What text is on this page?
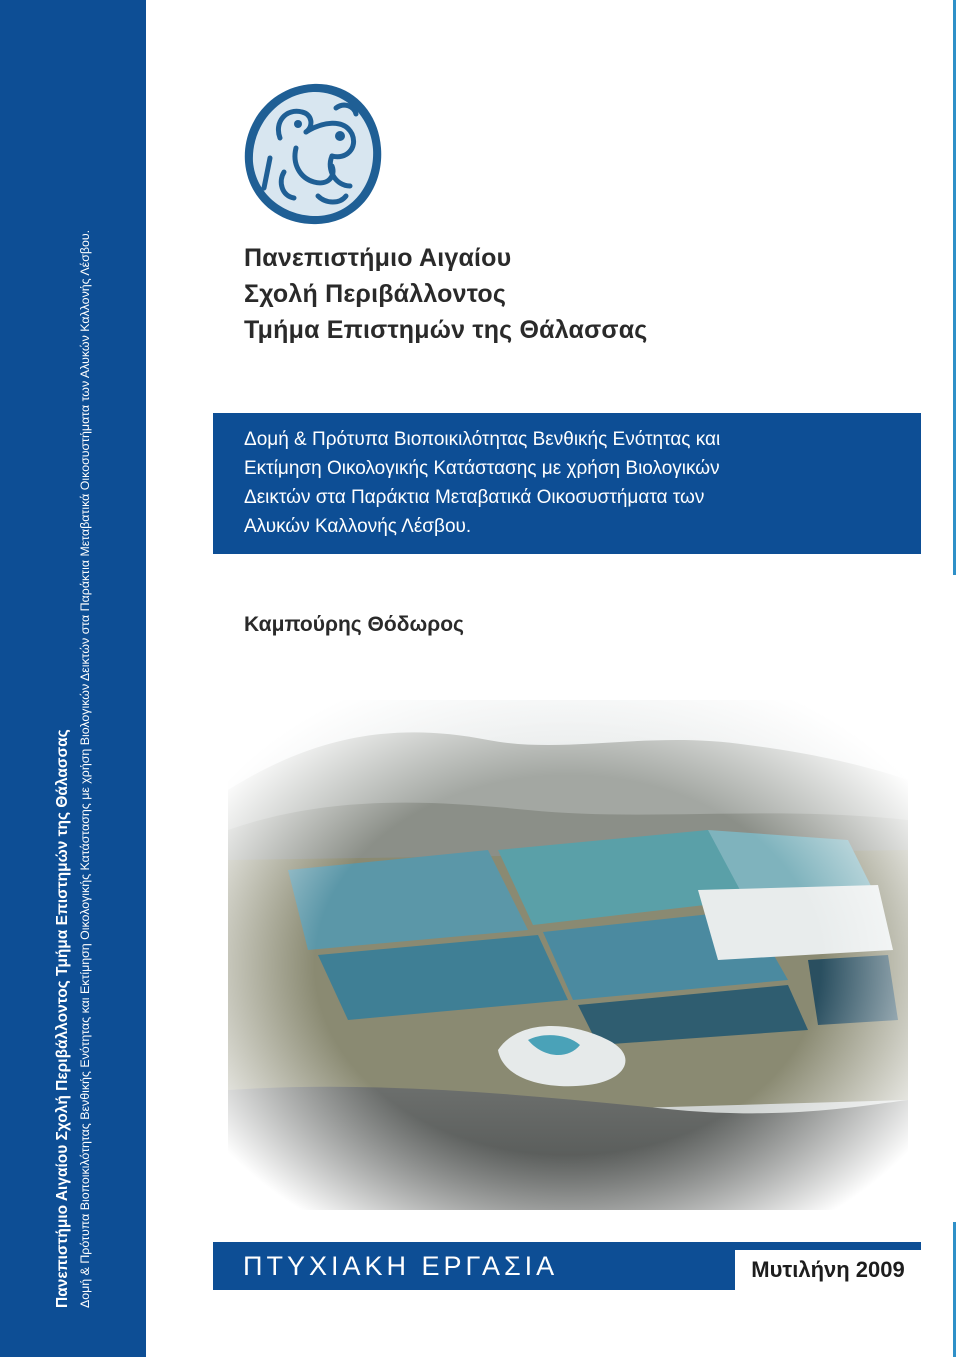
Πανεπιστήμιο Αιγαίου Σχολή Περιβάλλοντος Τμήμα Επιστημών της Θάλασσας Δομή & Πρότυπα Βιοποικιλότητας Βενθικής Ενότητας και Εκτίμηση Οικολογικής Κατάστασης με χρήση Βιολογικών Δεικτών στα Παράκτια Μεταβατικά Οικοσυστήματα των Αλυκών Καλλονής Λέσβου.	Πανεπιστήμιο Αιγαίου
Σχολή Περιβάλλοντος
Τμήμα Επιστημών της Θάλασσας
Δομή & Πρότυπα Βιοποικιλότητας Βενθικής Ενότητας και
Εκτίμηση Οικολογικής Κατάστασης με χρήση Βιολογικών
Δεικτών στα Παράκτια Μεταβατικά Οικοσυστήματα των
Αλυκών Καλλονής Λέσβου.
Καμπούρης Θόδωρος
ΠΤΥΧΙΑΚΗ ΕΡΓΑΣΙΑ	Μυτιλήνη 2009
